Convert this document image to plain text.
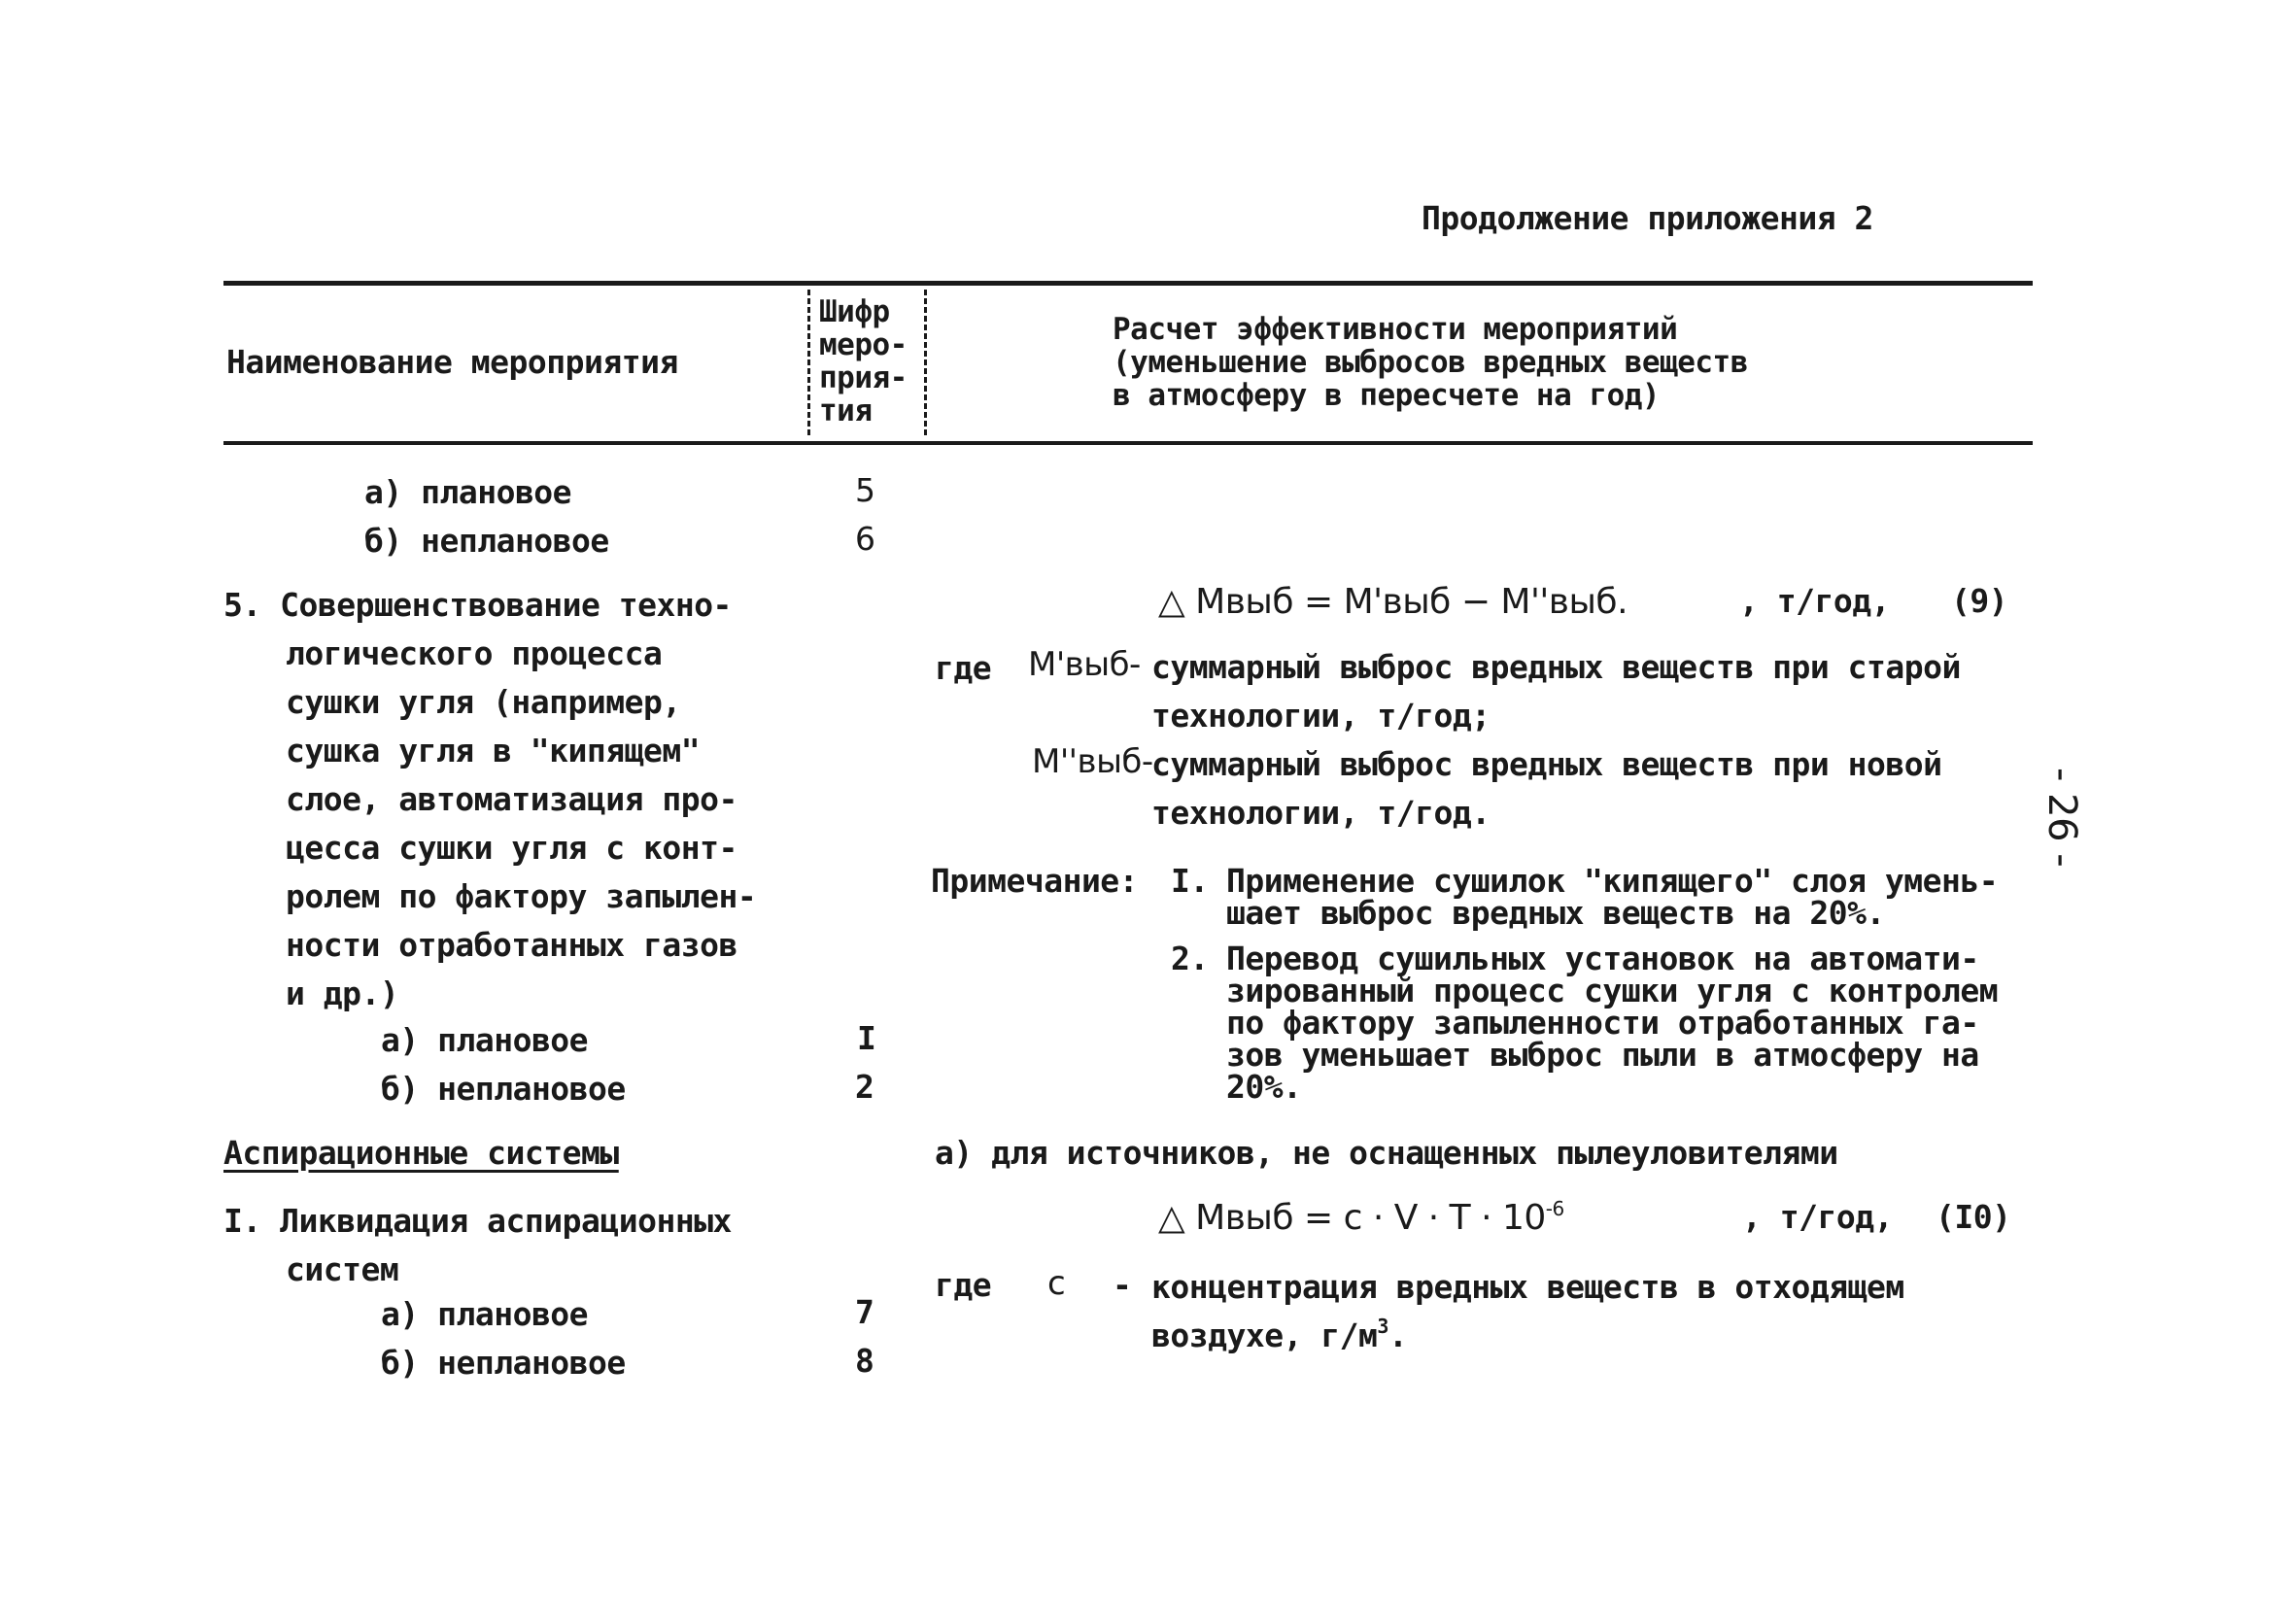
Продолжение приложения 2
Наименование мероприятия
Шифр
меро-
прия-
тия
Расчет эффективности мероприятий
(уменьшение выбросов вредных веществ
в атмосферу в пересчете на год)
а) плановое	5
б) неплановое	6
5. Совершенствование техно-
логического процесса
сушки угля (например,
сушка угля в "кипящем"
слое, автоматизация про-
цесса сушки угля с конт-
ролем по фактору запылен-
ности отработанных газов
и др.)
а) плановое	I
б) неплановое	2
△ Mвыб = M'выб − M''выб.	, т/год, (9)
где M'выб- суммарный выброс вредных веществ при старой
технологии, т/год;
M''выб-
суммарный выброс вредных веществ при новой
технологии, т/год.
Примечание: I. Применение сушилок "кипящего" слоя умень-
шает выброс вредных веществ на 20%.
2. Перевод сушильных установок на автомати-
зированный процесс сушки угля с контролем
по фактору запыленности отработанных га-
зов уменьшает выброс пыли в атмосферу на
20%.
Аспирационные системы	а) для источников, не оснащенных пылеуловителями
I. Ликвидация аспирационных
систем
а) плановое	7
б) неплановое	8
△ Mвыб = $c \cdot V \cdot T \cdot 10^{-6}$	, т/год, (I0)
где c - концентрация вредных веществ в отходящем
воздухе, $г/м^3$.
- 26 -
